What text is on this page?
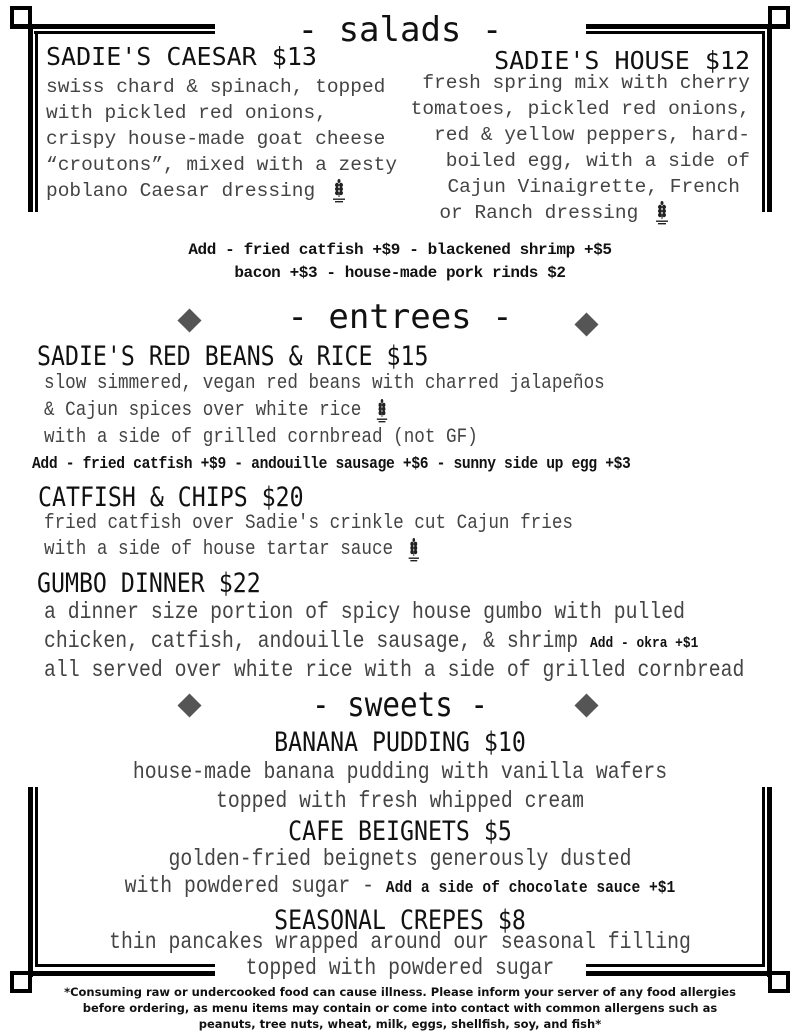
- salads -
SADIE'S CAESAR $13
swiss chard & spinach, topped
with pickled red onions,
crispy house-made goat cheese
“croutons”, mixed with a zesty
poblano Caesar dressing
SADIE'S HOUSE $12
fresh spring mix with cherry
tomatoes, pickled red onions,
red & yellow peppers, hard-
boiled egg, with a side of
Cajun Vinaigrette, French
or Ranch dressing
Add - fried catfish +$9 - blackened shrimp +$5
bacon +$3 - house-made pork rinds $2
- entrees -
SADIE'S RED BEANS & RICE $15
slow simmered, vegan red beans with charred jalapeños
& Cajun spices over white rice
with a side of grilled cornbread (not GF)
Add - fried catfish +$9 - andouille sausage +$6 - sunny side up egg +$3
CATFISH & CHIPS $20
fried catfish over Sadie's crinkle cut Cajun fries
with a side of house tartar sauce
GUMBO DINNER $22
a dinner size portion of spicy house gumbo with pulled
chicken, catfish, andouille sausage, & shrimp Add - okra +$1
all served over white rice with a side of grilled cornbread
- sweets -
BANANA PUDDING $10
house-made banana pudding with vanilla wafers
topped with fresh whipped cream
CAFE BEIGNETS $5
golden-fried beignets generously dusted
with powdered sugar - Add a side of chocolate sauce +$1
SEASONAL CREPES $8
thin pancakes wrapped around our seasonal filling
topped with powdered sugar
*Consuming raw or undercooked food can cause illness. Please inform your server of any food allergies
before ordering, as menu items may contain or come into contact with common allergens such as
peanuts, tree nuts, wheat, milk, eggs, shellfish, soy, and fish*
